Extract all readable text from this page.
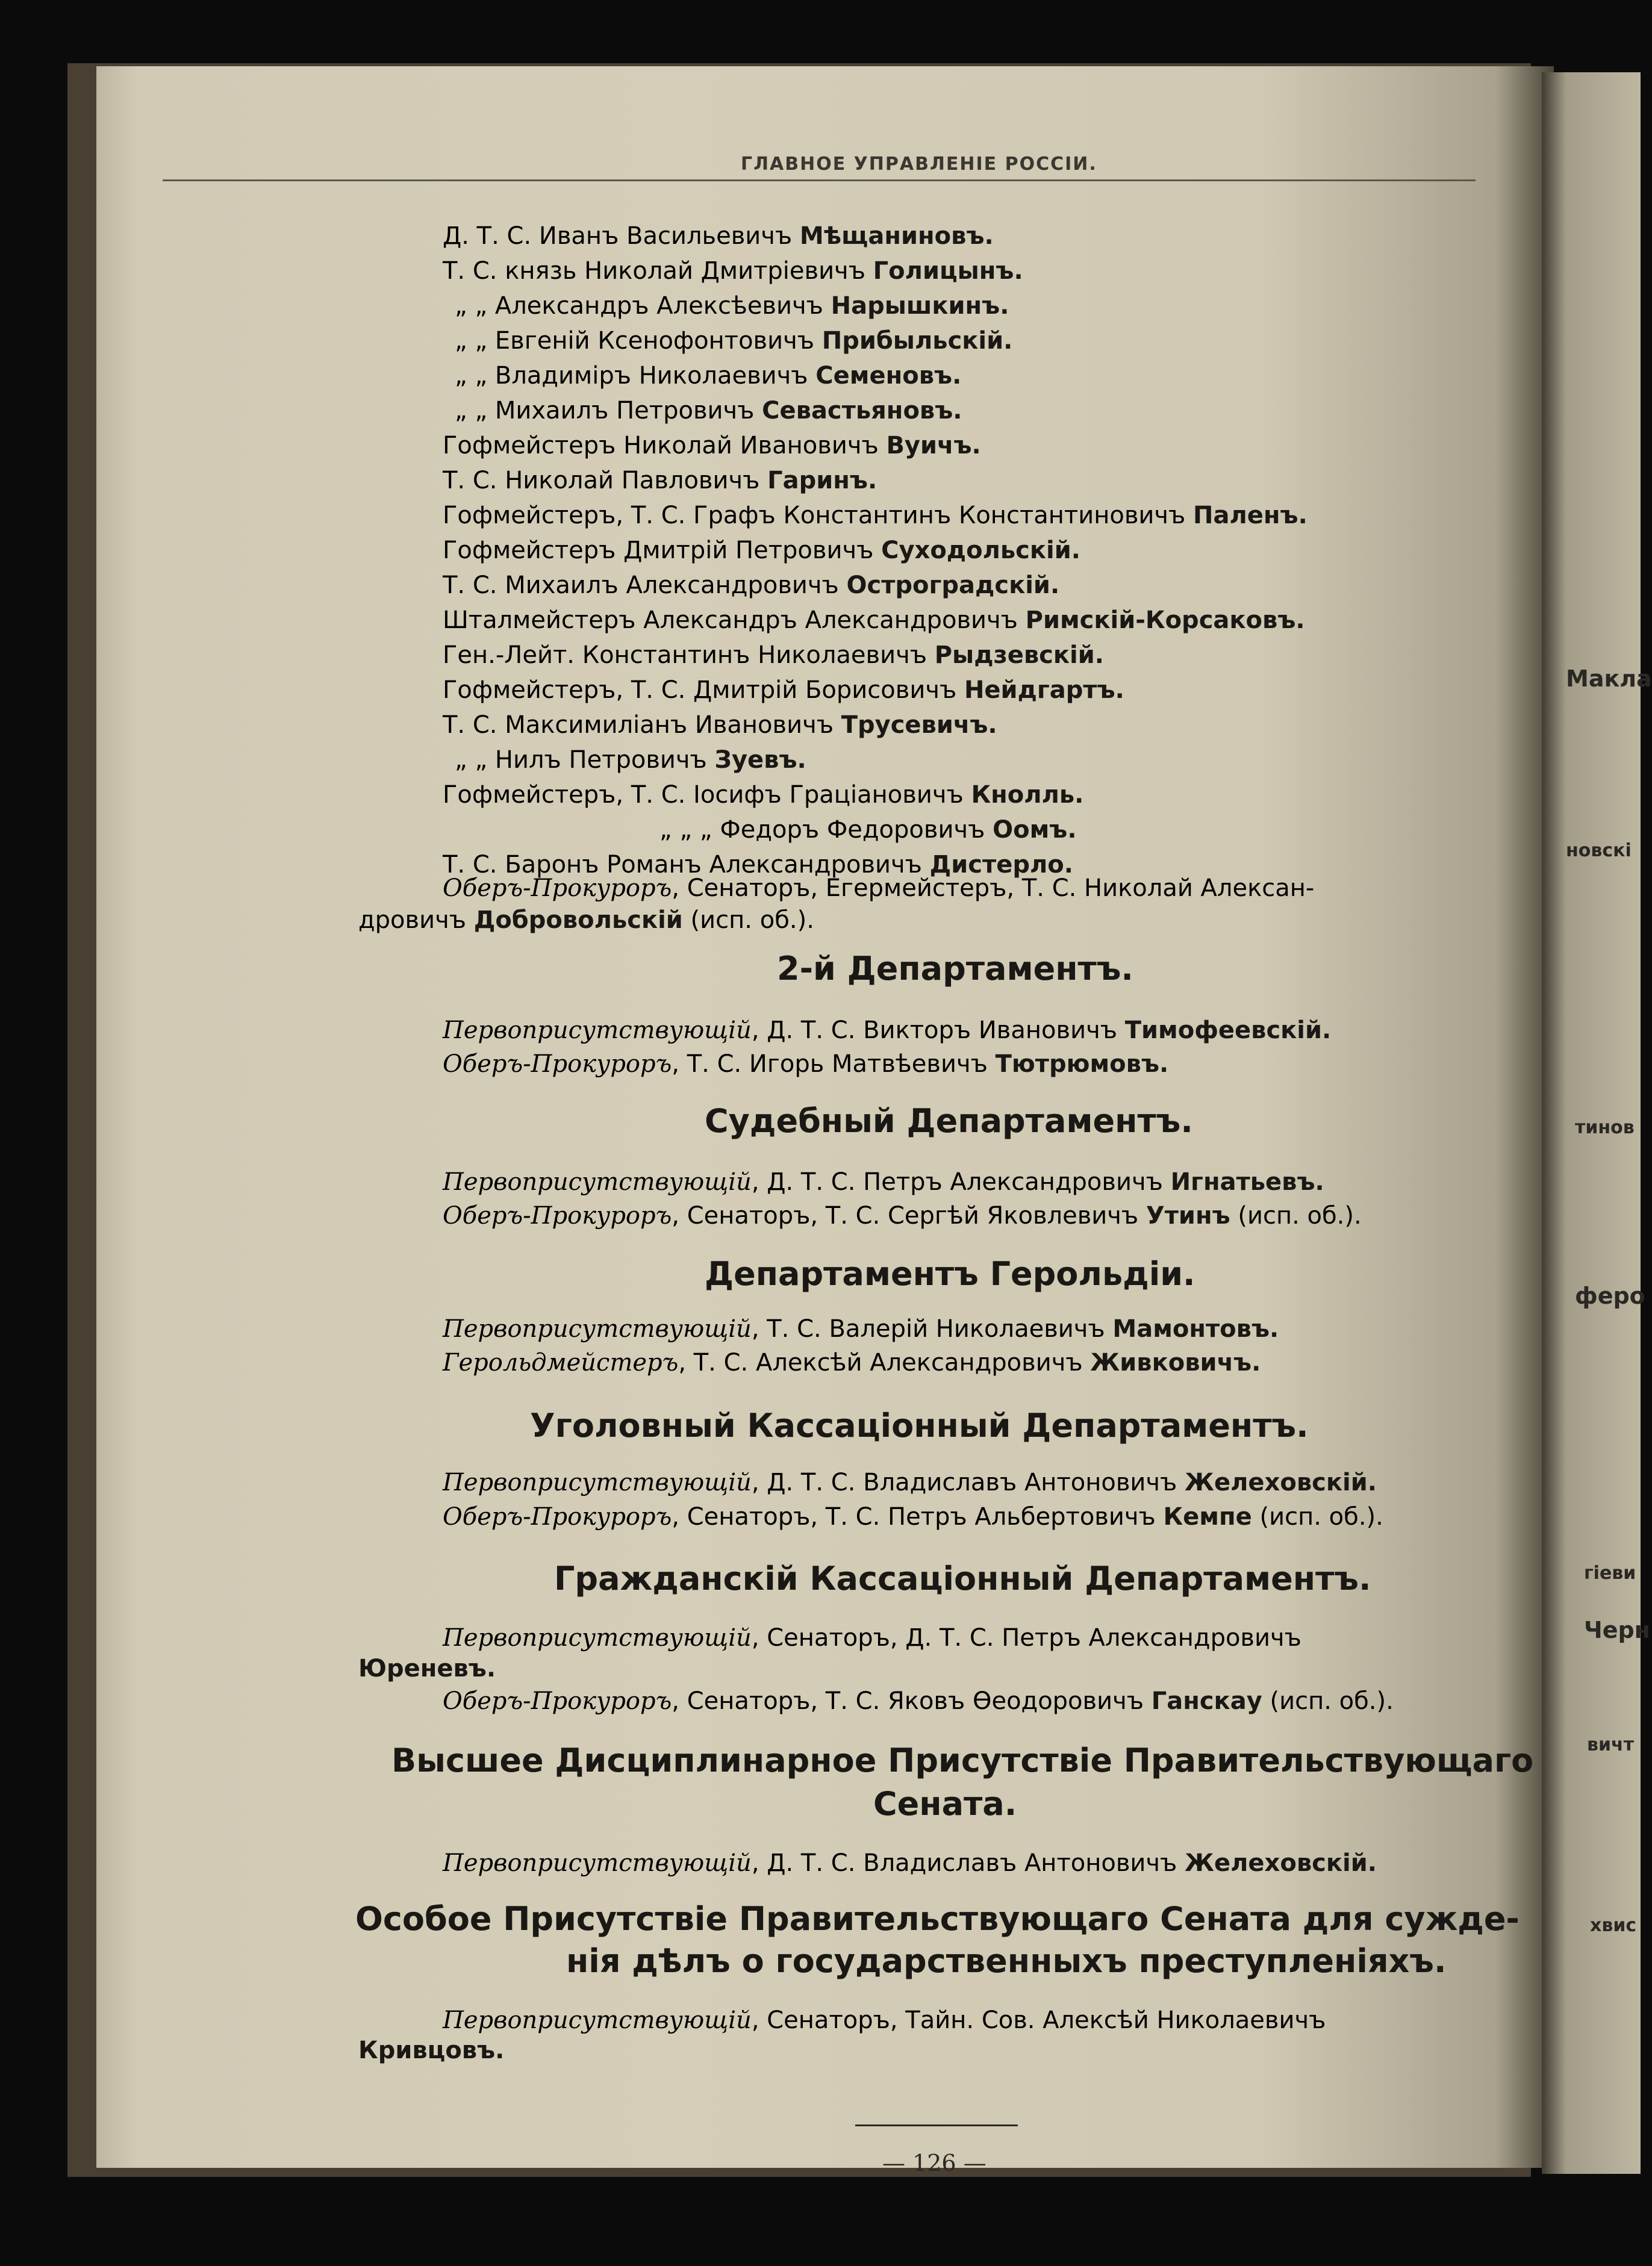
ГЛАВНОЕ УПРАВЛЕНІЕ РОССІИ.
Д. Т. С. Иванъ Васильевичъ Мѣщаниновъ.
Т. С. князь Николай Дмитріевичъ Голицынъ.
„ „ Александръ Алексѣевичъ Нарышкинъ.
„ „ Евгеній Ксенофонтовичъ Прибыльскій.
„ „ Владиміръ Николаевичъ Семеновъ.
„ „ Михаилъ Петровичъ Севастьяновъ.
Гофмейстеръ Николай Ивановичъ Вуичъ.
Т. С. Николай Павловичъ Гаринъ.
Гофмейстеръ, Т. С. Графъ Константинъ Константиновичъ Паленъ.
Гофмейстеръ Дмитрій Петровичъ Суходольскій.
Т. С. Михаилъ Александровичъ Остроградскій.
Шталмейстеръ Александръ Александровичъ Римскій-Корсаковъ.
Ген.-Лейт. Константинъ Николаевичъ Рыдзевскій.
Гофмейстеръ, Т. С. Дмитрій Борисовичъ Нейдгартъ.
Т. С. Максимиліанъ Ивановичъ Трусевичъ.
„ „ Нилъ Петровичъ Зуевъ.
Гофмейстеръ, Т. С. Іосифъ Граціановичъ Кнолль.
„ „ „ Федоръ Федоровичъ Оомъ.
Т. С. Баронъ Романъ Александровичъ Дистерло.
Оберъ-Прокуроръ, Сенаторъ, Егермейстеръ, Т. С. Николай Алексан-
дровичъ Добровольскій (исп. об.).
2-й Департаментъ.
Первоприсутствующій, Д. Т. С. Викторъ Ивановичъ Тимофеевскій.
Оберъ-Прокуроръ, Т. С. Игорь Матвѣевичъ Тютрюмовъ.
Судебный Департаментъ.
Первоприсутствующій, Д. Т. С. Петръ Александровичъ Игнатьевъ.
Оберъ-Прокуроръ, Сенаторъ, Т. С. Сергѣй Яковлевичъ Утинъ (исп. об.).
Департаментъ Герольдіи.
Первоприсутствующій, Т. С. Валерій Николаевичъ Мамонтовъ.
Герольдмейстеръ, Т. С. Алексѣй Александровичъ Живковичъ.
Уголовный Кассаціонный Департаментъ.
Первоприсутствующій, Д. Т. С. Владиславъ Антоновичъ Желеховскій.
Оберъ-Прокуроръ, Сенаторъ, Т. С. Петръ Альбертовичъ Кемпе (исп. об.).
Гражданскій Кассаціонный Департаментъ.
Первоприсутствующій, Сенаторъ, Д. Т. С. Петръ Александровичъ
Юреневъ.
Оберъ-Прокуроръ, Сенаторъ, Т. С. Яковъ Өеодоровичъ Ганскау (исп. об.).
Высшее Дисциплинарное Присутствіе Правительствующаго
Сената.
Первоприсутствующій, Д. Т. С. Владиславъ Антоновичъ Желеховскій.
Особое Присутствіе Правительствующаго Сената для сужде-
нія дѣлъ о государственныхъ преступленіяхъ.
Первоприсутствующій, Сенаторъ, Тайн. Сов. Алексѣй Николаевичъ
Кривцовъ.
— 126 —
Макла
новскі
тинов
феро
гіеви
Черн
вичт
хвис
